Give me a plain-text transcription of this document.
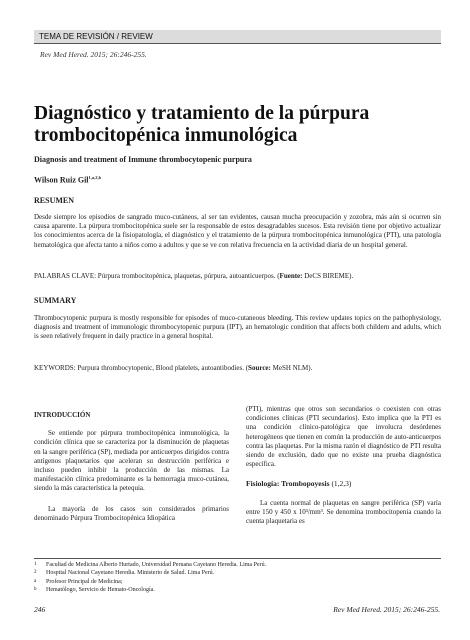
TEMA DE REVISIÓN / REVIEW
Rev Med Hered. 2015; 26:246-255.
Diagnóstico y tratamiento de la púrpura
trombocitopénica inmunológica
Diagnosis and treatment of Immune thrombocytopenic purpura
Wilson Ruiz Gil$^{1,a,2,b}$
RESUMEN
Desde siempre los episodios de sangrado muco-cutáneos, al ser tan evidentes, causan mucha preocupación y zozobra, más aún si ocurren sin causa aparente. La púrpura trombocitopénica suele ser la responsable de estos desagradables sucesos. Esta revisión tiene por objetivo actualizar los conocimientos acerca de la fisiopatología, el diagnóstico y el tratamiento de la púrpura trombocitopénica inmunológica (PTI), una patología hematológica que afecta tanto a niños como a adultos y que se ve con relativa frecuencia en la actividad diaria de un hospital general.
PALABRAS CLAVE: Púrpura trombocitopénica, plaquetas, púrpura, autoanticuerpos. (Fuente: DeCS BIREME).
SUMMARY
Thrombocytopenic purpura is mostly responsible for episodes of muco-cutaneous bleeding. This review updates topics on the pathophysiology, diagnosis and treatment of immunologic thrombocytopenic purpura (IPT), an hematologic condition that affects both childern and adults, which is seen relatively frequent in daily practice in a general hospital.
KEYWORDS: Purpura thrombocytopenic, Blood platelets, autoantibodies. (Source: MeSH NLM).

INTRODUCCIÓN

Se entiende por púrpura trombocitopénica inmunológica, la condición clínica que se caracteriza por la disminución de plaquetas en la sangre periférica (SP), mediada por anticuerpos dirigidos contra antígenos plaquetarios que aceleran su destrucción periférica e incluso pueden inhibir la producción de las mismas. La manifestación clínica predominante es la hemorragia muco-cutánea, siendo la más característica la petequia.

La mayoría de los casos son considerados primarios denominado Púrpura Trombocitopénica Idiopática

(PTI), mientras que otros son secundarios o coexisten con otras condiciones clínicas (PTI secundarios). Esto implica que la PTI es una condición clínico-patológica que involucra desórdenes heterogéneos que tienen en común la producción de auto-anticuerpos contra las plaquetas. Por la misma razón el diagnóstico de PTI resulta siendo de exclusión, dado que no existe una prueba diagnóstica específica.

Fisiología: Trombopoyesis (1,2,3)

La cuenta normal de plaquetas en sangre periférica (SP) varía entre 150 y 450 x 10³/mm³. Se denomina trombocitopenia cuando la cuenta plaquetaria es

1	Facultad de Medicina Alberto Hurtado, Universidad Peruana Cayetano Heredia. Lima Perú.
2	Hospital Nacional Cayetano Heredia. Ministerio de Salud. Lima Perú.
a	Profesor Principal de Medicina;
b	Hematólogo, Servicio de Hemato-Oncología.
246	Rev Med Hered. 2015; 26:246-255.
